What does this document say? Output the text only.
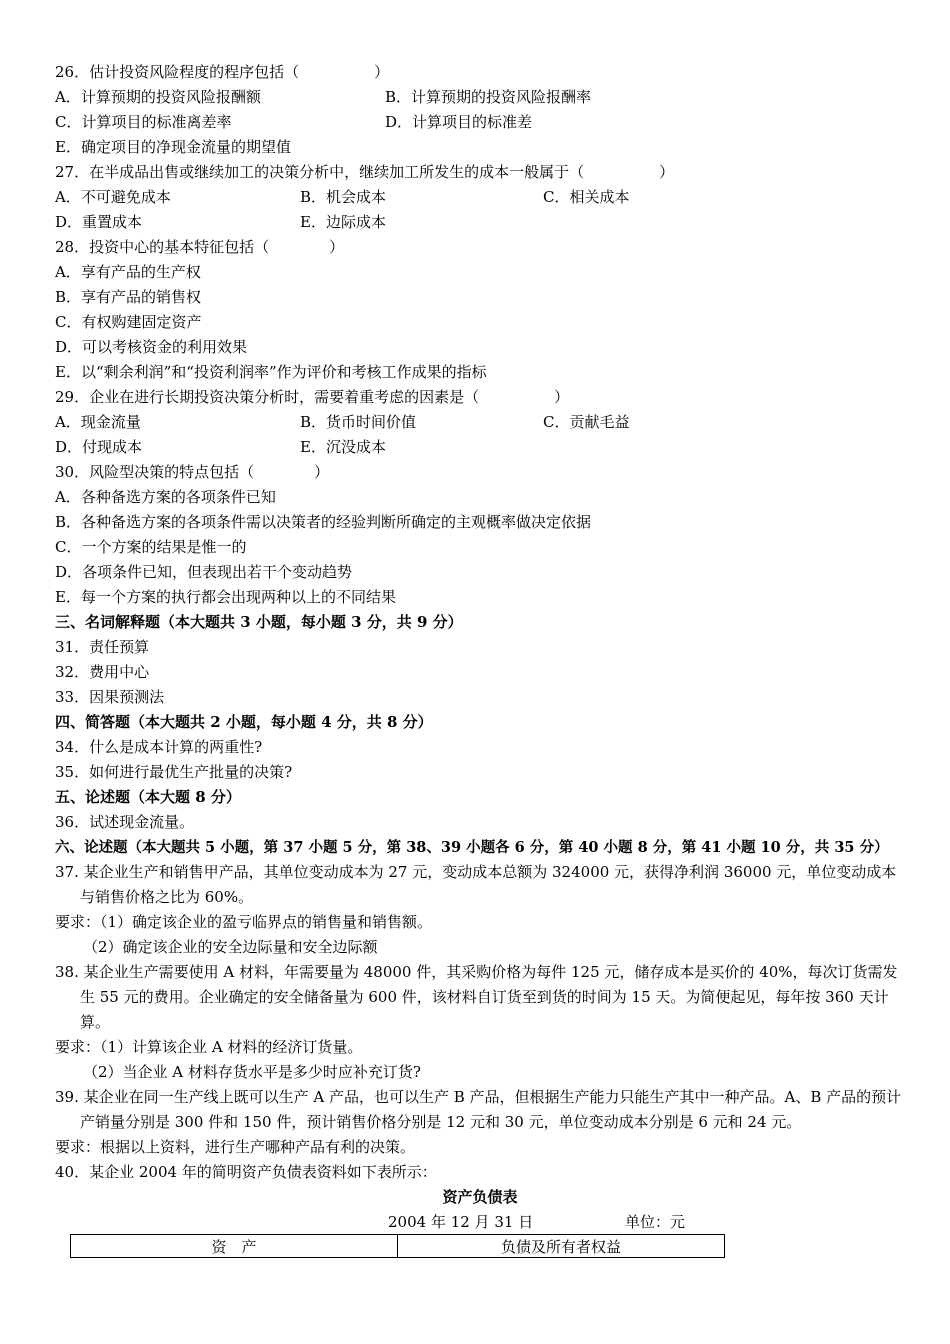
26．估计投资风险程度的程序包括（　　　　　）
A．计算预期的投资风险报酬额	B．计算预期的投资风险报酬率
C．计算项目的标准离差率	D．计算项目的标准差
E．确定项目的净现金流量的期望值
27．在半成品出售或继续加工的决策分析中，继续加工所发生的成本一般属于（　　　　　）
A．不可避免成本	B．机会成本	C．相关成本
D．重置成本	E．边际成本
28．投资中心的基本特征包括（　　　　）
A．享有产品的生产权
B．享有产品的销售权
C．有权购建固定资产
D．可以考核资金的利用效果
E．以“剩余利润”和“投资利润率”作为评价和考核工作成果的指标
29．企业在进行长期投资决策分析时，需要着重考虑的因素是（　　　　　）
A．现金流量	B．货币时间价值	C．贡献毛益
D．付现成本	E．沉没成本
30．风险型决策的特点包括（　　　　）
A．各种备选方案的各项条件已知
B．各种备选方案的各项条件需以决策者的经验判断所确定的主观概率做决定依据
C．一个方案的结果是惟一的
D．各项条件已知，但表现出若干个变动趋势
E．每一个方案的执行都会出现两种以上的不同结果
三、名词解释题（本大题共 3 小题，每小题 3 分，共 9 分）
31．责任预算
32．费用中心
33．因果预测法
四、简答题（本大题共 2 小题，每小题 4 分，共 8 分）
34．什么是成本计算的两重性?
35．如何进行最优生产批量的决策?
五、论述题（本大题 8 分）
36．试述现金流量。
六、论述题（本大题共 5 小题，第 37 小题 5 分，第 38、39 小题各 6 分，第 40 小题 8 分，第 41 小题 10 分，共 35 分）
37. 某企业生产和销售甲产品，其单位变动成本为 27 元，变动成本总额为 324000 元，获得净利润 36000 元，单位变动成本与销售价格之比为 60%。
要求：（1）确定该企业的盈亏临界点的销售量和销售额。
（2）确定该企业的安全边际量和安全边际额
38. 某企业生产需要使用 A 材料，年需要量为 48000 件，其采购价格为每件 125 元，储存成本是买价的 40%，每次订货需发生 55 元的费用。企业确定的安全储备量为 600 件，该材料自订货至到货的时间为 15 天。为简便起见，每年按 360 天计算。
要求：（1）计算该企业 A 材料的经济订货量。
（2）当企业 A 材料存货水平是多少时应补充订货?
39. 某企业在同一生产线上既可以生产 A 产品，也可以生产 B 产品，但根据生产能力只能生产其中一种产品。A、B 产品的预计产销量分别是 300 件和 150 件，预计销售价格分别是 12 元和 30 元，单位变动成本分别是 6 元和 24 元。
要求：根据以上资料，进行生产哪种产品有利的决策。
40．某企业 2004 年的简明资产负债表资料如下表所示：
资产负债表
2004 年 12 月 31 日	单位：元
资　产	负债及所有者权益
